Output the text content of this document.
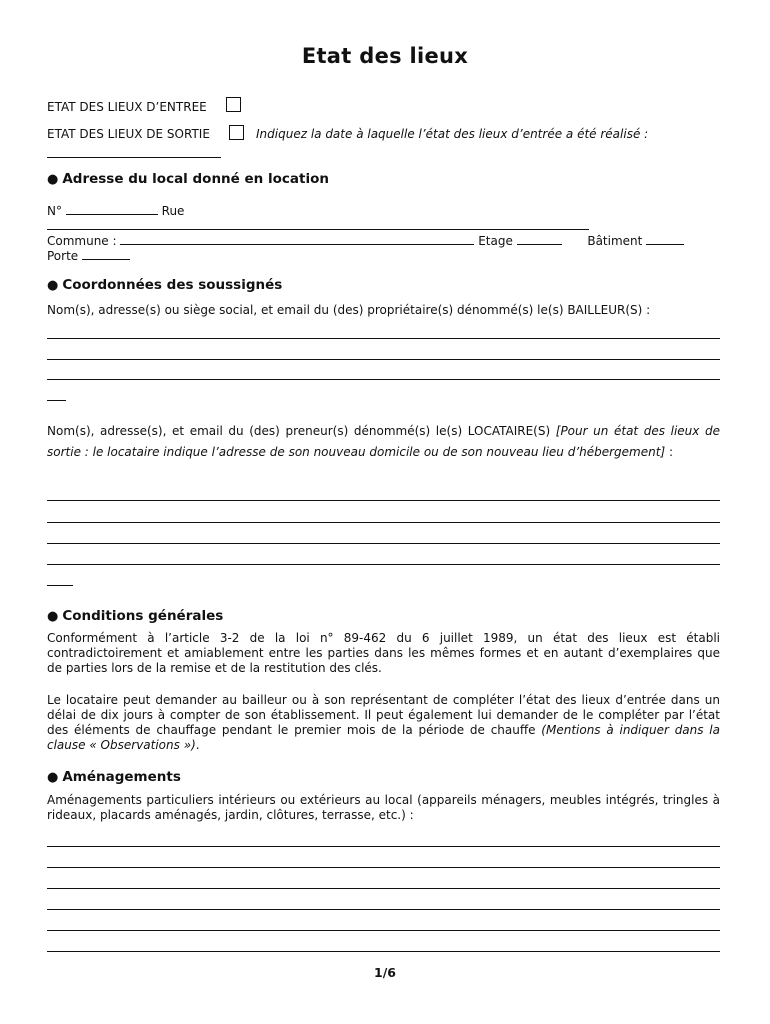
Etat des lieux
ETAT DES LIEUX D’ENTREE
ETAT DES LIEUX DE SORTIE	Indiquez la date à laquelle l’état des lieux d’entrée a été réalisé :
● Adresse du local donné en location
N°	Rue
Commune :	Etage	Bâtiment
Porte
● Coordonnées des soussignés
Nom(s), adresse(s) ou siège social, et email du (des) propriétaire(s) dénommé(s) le(s) BAILLEUR(S) :
Nom(s), adresse(s), et email du (des) preneur(s) dénommé(s) le(s) LOCATAIRE(S) [Pour un état des lieux de sortie : le locataire indique l’adresse de son nouveau domicile ou de son nouveau lieu d’hébergement] :
● Conditions générales
Conformément à l’article 3-2 de la loi n° 89-462 du 6 juillet 1989, un état des lieux est établi contradictoirement et amiablement entre les parties dans les mêmes formes et en autant d’exemplaires que de parties lors de la remise et de la restitution des clés.
Le locataire peut demander au bailleur ou à son représentant de compléter l’état des lieux d’entrée dans un délai de dix jours à compter de son établissement. Il peut également lui demander de le compléter par l’état des éléments de chauffage pendant le premier mois de la période de chauffe (Mentions à indiquer dans la clause « Observations »).
● Aménagements
Aménagements particuliers intérieurs ou extérieurs au local (appareils ménagers, meubles intégrés, tringles à rideaux, placards aménagés, jardin, clôtures, terrasse, etc.) :
1/6
